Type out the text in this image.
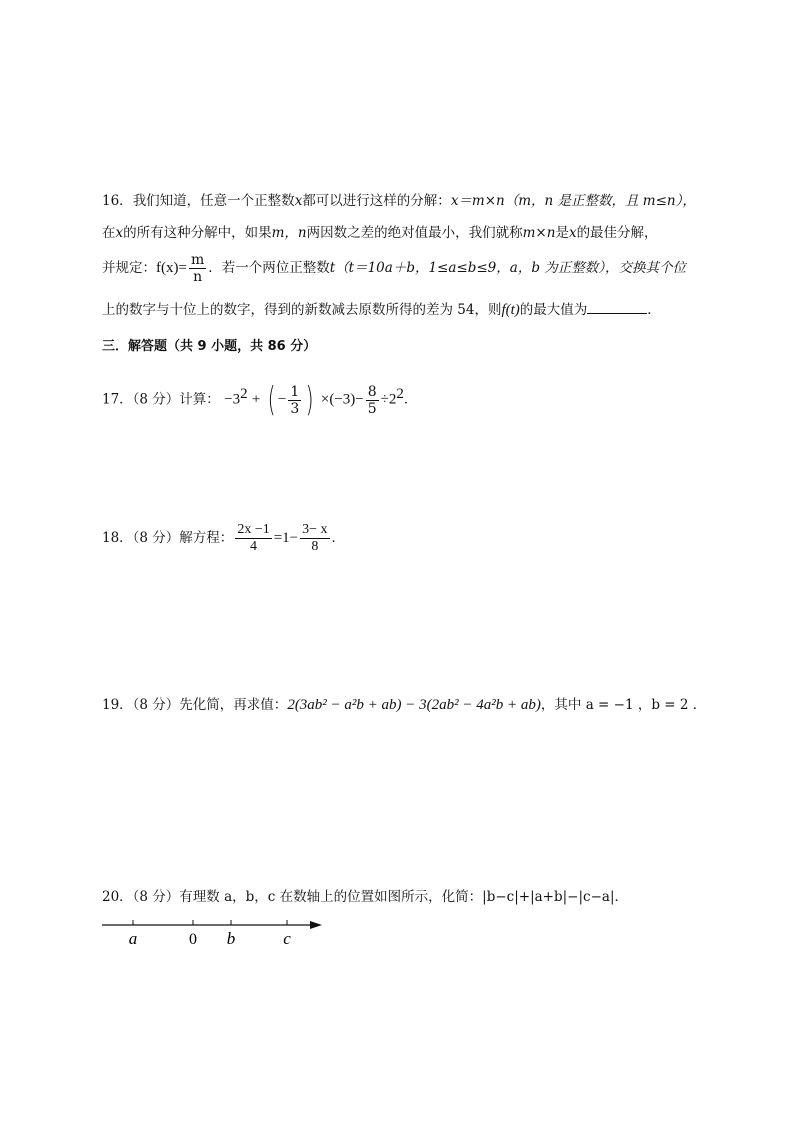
16．我们知道，任意一个正整数x都可以进行这样的分解：x＝m×n（m，n 是正整数，且 m≤n），
在x的所有这种分解中，如果m，n两因数之差的绝对值最小，我们就称m×n是x的最佳分解，
并规定：$f(x)= \frac{m}{n}$ ．若一个两位正整数t（t＝10a＋b，1≤a≤b≤9，a，b 为正整数），交换其个位
上的数字与十位上的数字，得到的新数减去原数所得的差为 54，则f(t)的最大值为	．
三．解答题（共 9 小题，共 86 分）
17．（8 分）计算： $-3^2$ + ( − $\frac{1}{3}$ ) $\times(-3)- \frac{8}{5} \div 2^2$．
18．（8 分）解方程： $\frac{2x -1}{4} =1- \frac{3- x}{8}$ ．
19．（8 分）先化简，再求值：2(3ab² − a²b + ab) − 3(2ab² − 4a²b + ab)，其中 a = −1 ，b = 2 ．
20．（8 分）有理数 a，b，c 在数轴上的位置如图所示，化简：|b−c|+|a+b|−|c−a|．
a	0 b	c
